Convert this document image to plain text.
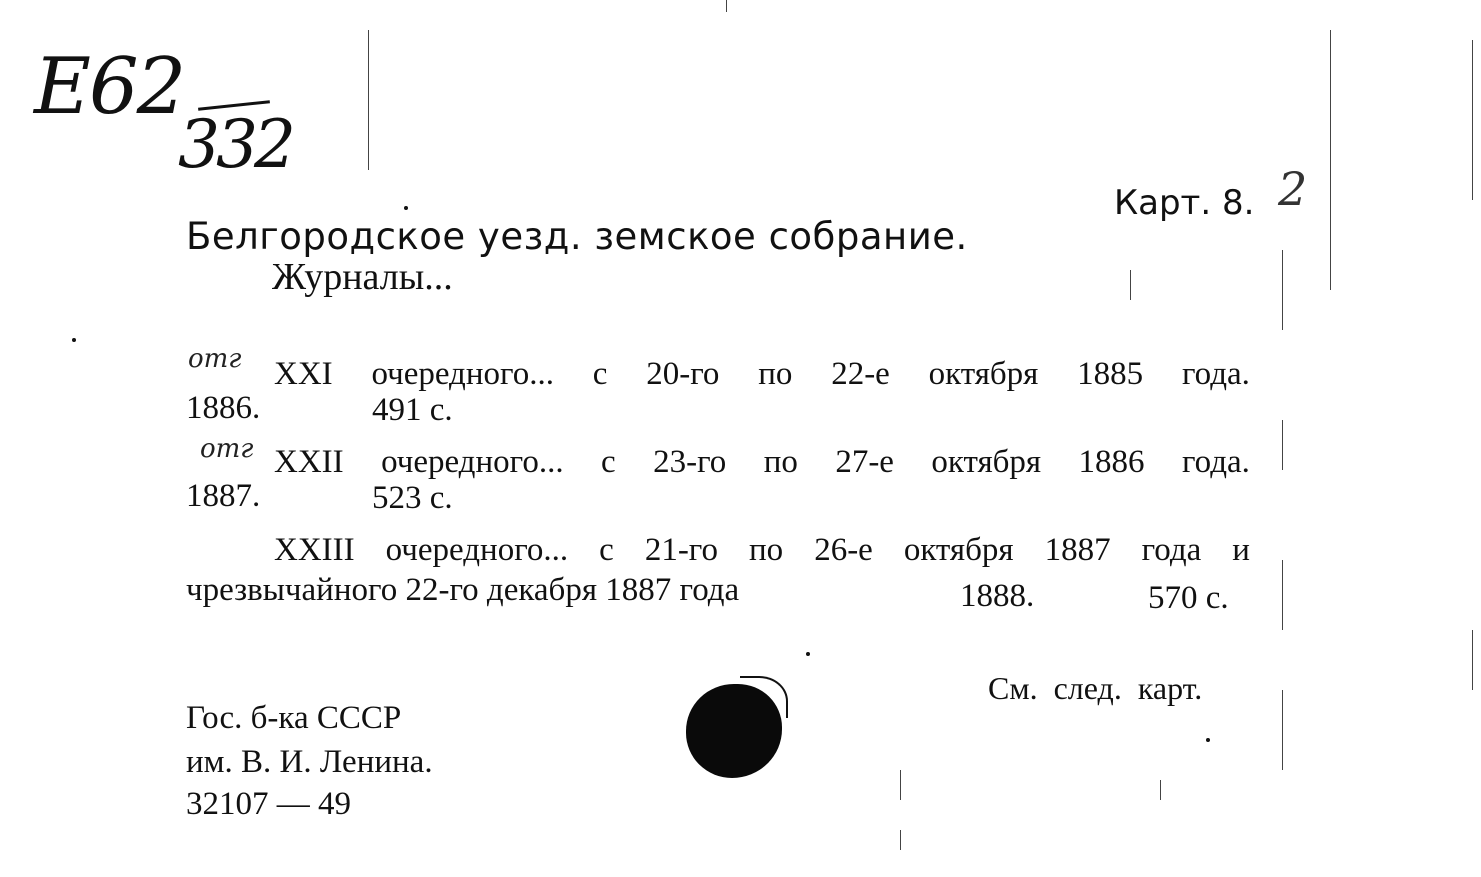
E62
332
Карт. 8. 2
Белгородское уезд. земское собрание.
Журналы...
отг XXI очередного... с 20-го по 22-е октября 1885 года.
1886.	491 с.
отг XXII очередного... с 23-го по 27-е октября 1886 года.
1887.	523 с.
XXIII очередного... с 21-го по 26-е октября 1887 года и
чрезвычайного 22-го декабря 1887 года	1888.	570 с.
См. след. карт.
Гос. б-ка СССР
им. В. И. Ленина.
32107 — 49
